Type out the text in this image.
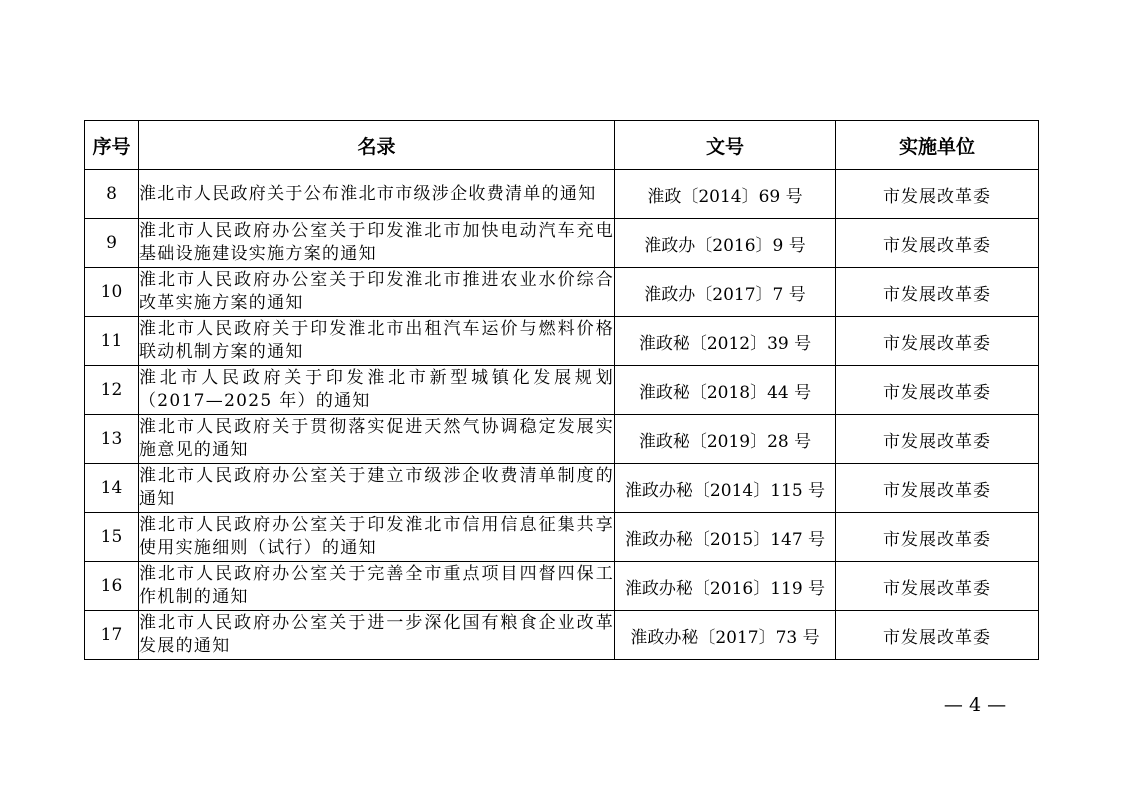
序号	名录	文号	实施单位
8	淮北市人民政府关于公布淮北市市级涉企收费清单的通知	淮政〔2014〕69 号	市发展改革委
9	淮北市人民政府办公室关于印发淮北市加快电动汽车充电基础设施建设实施方案的通知	淮政办〔2016〕9 号	市发展改革委
10	淮北市人民政府办公室关于印发淮北市推进农业水价综合改革实施方案的通知	淮政办〔2017〕7 号	市发展改革委
11	淮北市人民政府关于印发淮北市出租汽车运价与燃料价格联动机制方案的通知	淮政秘〔2012〕39 号	市发展改革委
12	淮北市人民政府关于印发淮北市新型城镇化发展规划（2017—2025 年）的通知	淮政秘〔2018〕44 号	市发展改革委
13	淮北市人民政府关于贯彻落实促进天然气协调稳定发展实施意见的通知	淮政秘〔2019〕28 号	市发展改革委
14	淮北市人民政府办公室关于建立市级涉企收费清单制度的通知	淮政办秘〔2014〕115 号	市发展改革委
15	淮北市人民政府办公室关于印发淮北市信用信息征集共享使用实施细则（试行）的通知	淮政办秘〔2015〕147 号	市发展改革委
16	淮北市人民政府办公室关于完善全市重点项目四督四保工作机制的通知	淮政办秘〔2016〕119 号	市发展改革委
17	淮北市人民政府办公室关于进一步深化国有粮食企业改革发展的通知	淮政办秘〔2017〕73 号	市发展改革委
— 4 —
